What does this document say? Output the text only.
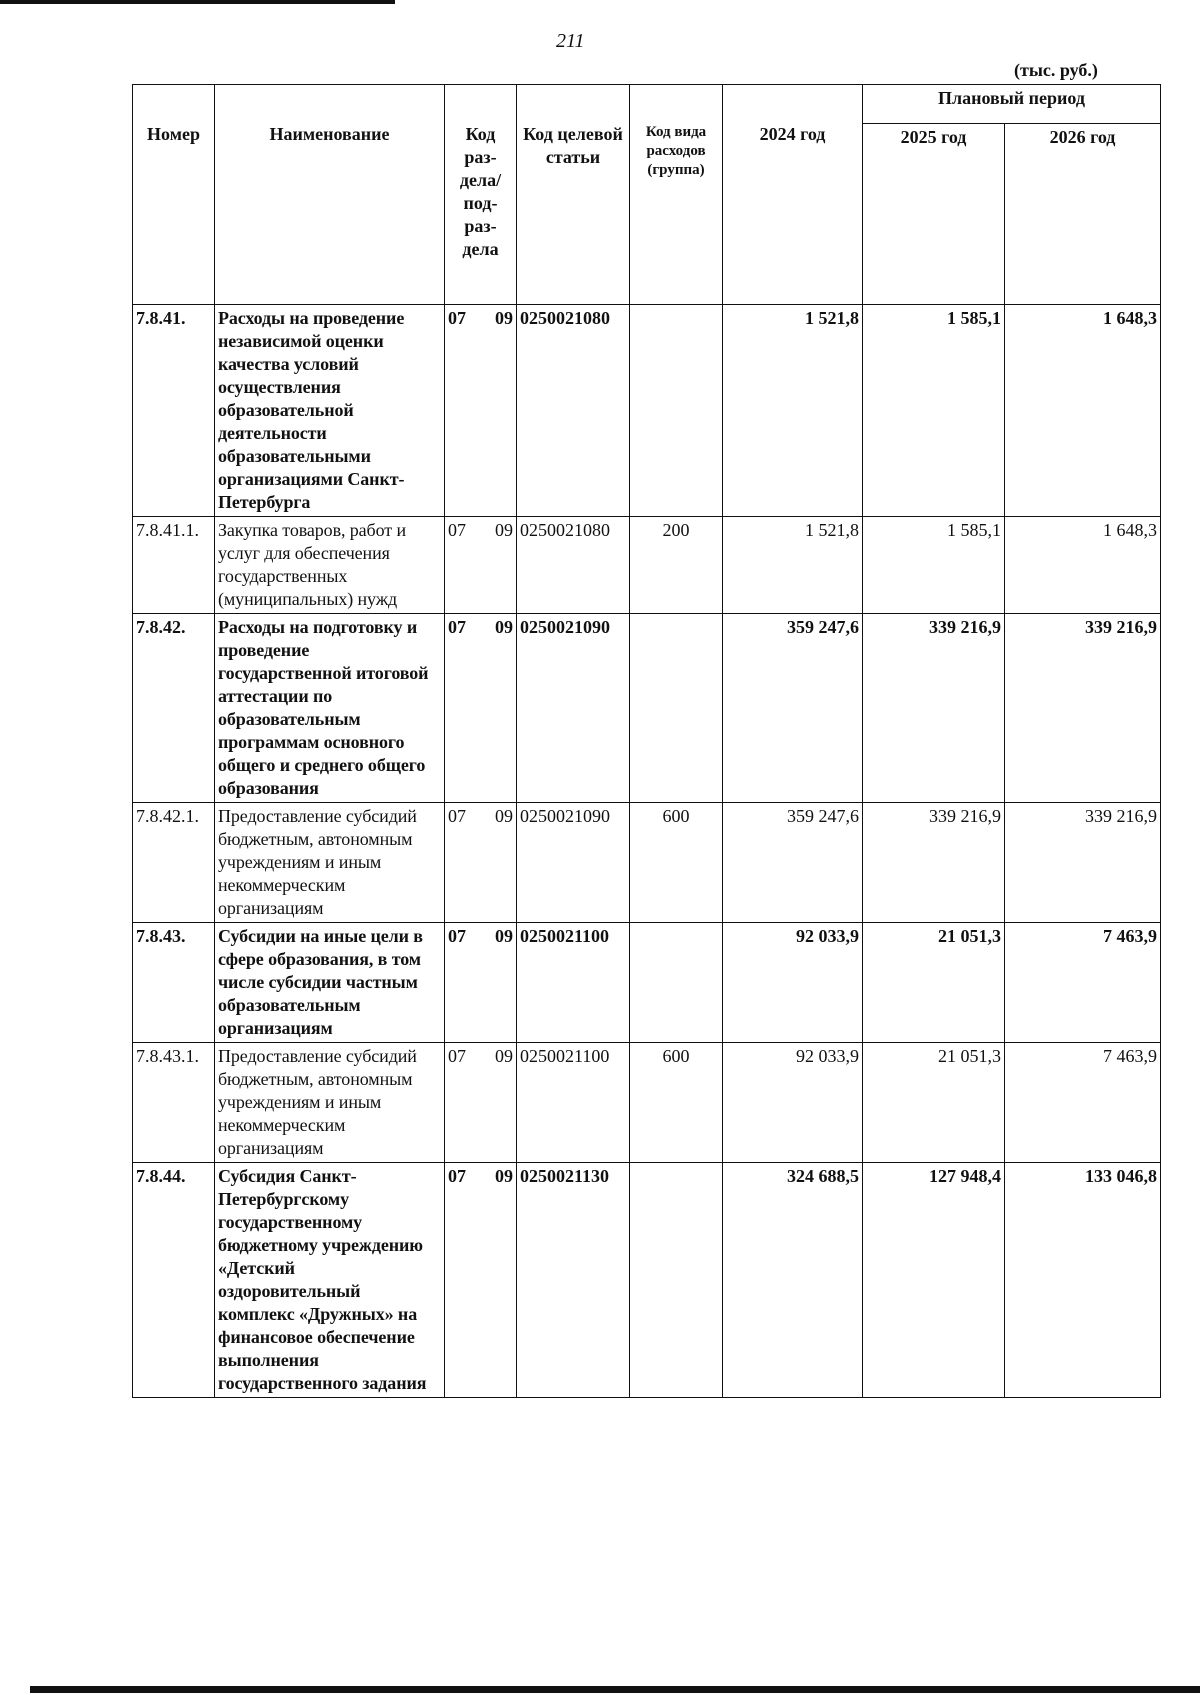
211
(тыс. руб.)
Номер	Наименование	Код раз-дела/ под-раз-дела	Код целевой статьи	Код вида расходов (группа)	2024 год	Плановый период	
						2025 год	2026 год
7.8.41.	Расходы на проведение независимой оценки качества условий осуществления образовательной деятельности образовательными организациями Санкт-Петербурга	07 09	0250021080		1 521,8	1 585,1	1 648,3
7.8.41.1.	Закупка товаров, работ и услуг для обеспечения государственных (муниципальных) нужд	07 09	0250021080	200	1 521,8	1 585,1	1 648,3
7.8.42.	Расходы на подготовку и проведение государственной итоговой аттестации по образовательным программам основного общего и среднего общего образования	07 09	0250021090		359 247,6	339 216,9	339 216,9
7.8.42.1.	Предоставление субсидий бюджетным, автономным учреждениям и иным некоммерческим организациям	07 09	0250021090	600	359 247,6	339 216,9	339 216,9
7.8.43.	Субсидии на иные цели в сфере образования, в том числе субсидии частным образовательным организациям	07 09	0250021100		92 033,9	21 051,3	7 463,9
7.8.43.1.	Предоставление субсидий бюджетным, автономным учреждениям и иным некоммерческим организациям	07 09	0250021100	600	92 033,9	21 051,3	7 463,9
7.8.44.	Субсидия Санкт-Петербургскому государственному бюджетному учреждению «Детский оздоровительный комплекс «Дружных» на финансовое обеспечение выполнения государственного задания	07 09	0250021130		324 688,5	127 948,4	133 046,8
